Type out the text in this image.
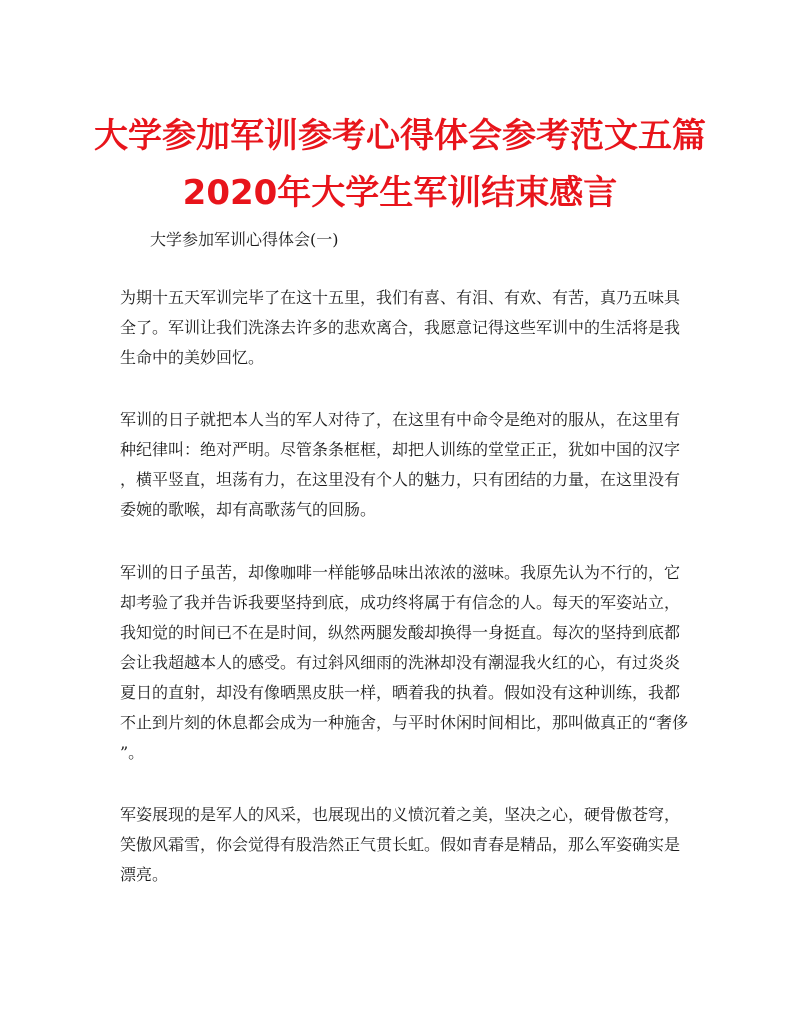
大学参加军训参考心得体会参考范文五篇
2020年大学生军训结束感言

大学参加军训心得体会(一)

为期十五天军训完毕了在这十五里，我们有喜、有泪、有欢、有苦，真乃五味具
全了。军训让我们洗涤去许多的悲欢离合，我愿意记得这些军训中的生活将是我
生命中的美妙回忆。

军训的日子就把本人当的军人对待了，在这里有中命令是绝对的服从，在这里有
种纪律叫：绝对严明。尽管条条框框，却把人训练的堂堂正正，犹如中国的汉字
，横平竖直，坦荡有力，在这里没有个人的魅力，只有团结的力量，在这里没有
委婉的歌喉，却有高歌荡气的回肠。

军训的日子虽苦，却像咖啡一样能够品味出浓浓的滋味。我原先认为不行的，它
却考验了我并告诉我要坚持到底，成功终将属于有信念的人。每天的军姿站立，
我知觉的时间已不在是时间，纵然两腿发酸却换得一身挺直。每次的坚持到底都
会让我超越本人的感受。有过斜风细雨的洗淋却没有潮湿我火红的心，有过炎炎
夏日的直射，却没有像晒黑皮肤一样，晒着我的执着。假如没有这种训练，我都
不止到片刻的休息都会成为一种施舍，与平时休闲时间相比，那叫做真正的“奢侈
”。

军姿展现的是军人的风采，也展现出的义愤沉着之美，坚决之心，硬骨傲苍穹，
笑傲风霜雪，你会觉得有股浩然正气贯长虹。假如青春是精品，那么军姿确实是
漂亮。
